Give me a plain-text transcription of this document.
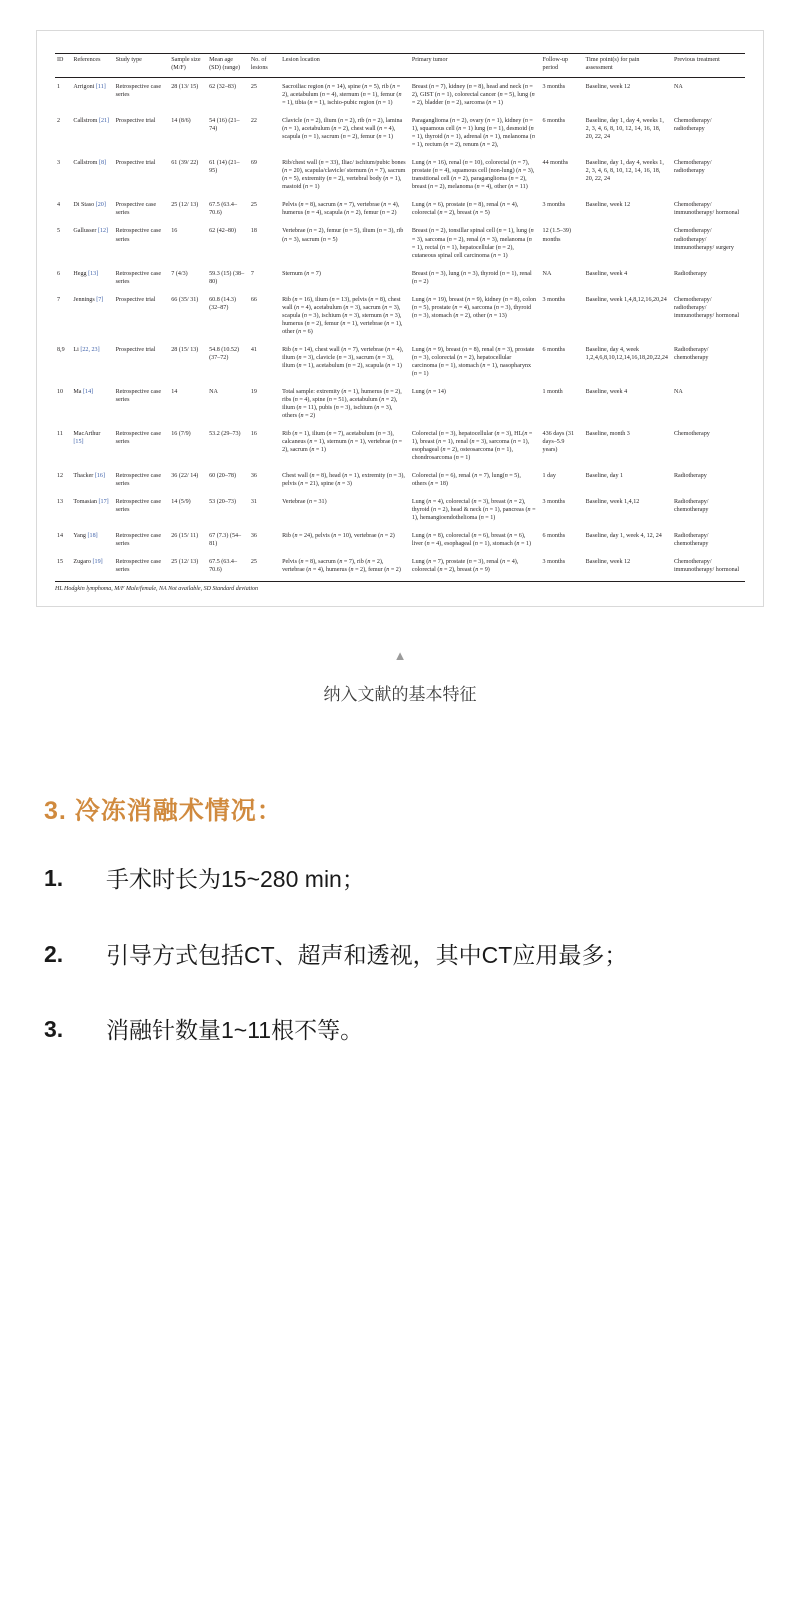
ID	References	Study type	Sample size (M/F)	Mean age (SD) (range)	No. of lesions	Lesion location	Primary tumor	Follow-up period	Time point(s) for pain assessment	Previous treatment
1	Arrigoni [11]	Retrospective case series	28 (13/ 15)	62 (32–83)	25	Sacroiliac region (n = 14), spine (n = 5), rib (n = 2), acetabulum (n = 4), sternum (n = 1), femur (n = 1), tibia (n = 1), ischio-pubic region (n = 1)	Breast (n = 7), kidney (n = 8), head and neck (n = 2), GIST (n = 1), colorectal cancer (n = 5), lung (n = 2), bladder (n = 2), sarcoma (n = 1)	3 months	Baseline, week 12	NA
2	Callstrom [21]	Prospective trial	14 (8/6)	54 (16) (21–74)	22	Clavicle (n = 2), ilium (n = 2), rib (n = 2), lamina (n = 1), acetabulum (n = 2), chest wall (n = 4), scapula (n = 1), sacrum (n = 2), femur (n = 1)	Paraganglioma (n = 2), ovary (n = 1), kidney (n = 1), squamous cell (n = 1) lung (n = 1), desmoid (n = 1), thyroid (n = 1), adrenal (n = 1), melanoma (n = 1), rectum (n = 2), renum (n = 2),	6 months	Baseline, day 1, day 4, weeks 1, 2, 3, 4, 6, 8, 10, 12, 14, 16, 18, 20, 22, 24	Chemotherapy/ radiotherapy
3	Callstrom [8]	Prospective trial	61 (39/ 22)	61 (14) (21–95)	69	Rib/chest wall (n = 33), Iliac/ ischium/pubic bones (n = 20), scapula/clavicle/ sternum (n = 7), sacrum (n = 5), extremity (n = 2), vertebral body (n = 1), mastoid (n = 1)	Lung (n = 16), renal (n = 10), colorectal (n = 7), prostate (n = 4), squamous cell (non-lung) (n = 3), transitional cell (n = 2), paraganglioma (n = 2), breast (n = 2), melanoma (n = 4), other (n = 11)	44 months	Baseline, day 1, day 4, weeks 1, 2, 3, 4, 6, 8, 10, 12, 14, 16, 18, 20, 22, 24	Chemotherapy/ radiotherapy
4	Di Staso [20]	Prospective case series	25 (12/ 13)	67.5 (63.4–70.6)	25	Pelvis (n = 8), sacrum (n = 7), vertebrae (n = 4), humerus (n = 4), scapula (n = 2), femur (n = 2)	Lung (n = 6), prostate (n = 8), renal (n = 4), colorectal (n = 2), breast (n = 5)	3 months	Baseline, week 12	Chemotherapy/ immunotherapy/ hormonal
5	Gallusser [12]	Retrospective case series	16	62 (42–80)	18	Vertebrae (n = 2), femur (n = 5), ilium (n = 3), rib (n = 3), sacrum (n = 5)	Breast (n = 2), tonsillar spinal cell (n = 1), lung (n = 3), sarcoma (n = 2), renal (n = 3), melanoma (n = 1), rectal (n = 1), hepatocellular (n = 2), cutaneous spinal cell carcinoma (n = 1)	12 (1.5–39) months		Chemotherapy/ radiotherapy/ immunotherapy/ surgery
6	Hegg [13]	Retrospective case series	7 (4/3)	59.3 (15) (38–80)	7	Sternum (n = 7)	Breast (n = 3), lung (n = 3), thyroid (n = 1), renal (n = 2)	NA	Baseline, week 4	Radiotherapy
7	Jennings [7]	Prospective trial	66 (35/ 31)	60.8 (14.3) (32–87)	66	Rib (n = 16), ilium (n = 13), pelvis (n = 8), chest wall (n = 4), acetabulum (n = 3), sacrum (n = 3), scapula (n = 3), ischium (n = 3), sternum (n = 3), humerus (n = 2), femur (n = 1), vertebrae (n = 1), other (n = 6)	Lung (n = 19), breast (n = 9), kidney (n = 8), colon (n = 5), prostate (n = 4), sarcoma (n = 3), thyroid (n = 3), stomach (n = 2), other (n = 13)	3 months	Baseline, week 1,4,8,12,16,20,24	Chemotherapy/ radiotherapy/ immunotherapy/ hormonal
8,9	Li [22, 23]	Prospective trial	28 (15/ 13)	54.8 (10.52) (37–72)	41	Rib (n = 14), chest wall (n = 7), vertebrae (n = 4), ilium (n = 3), clavicle (n = 3), sacrum (n = 3), ilium (n = 1), acetabulum (n = 2), scapula (n = 1)	Lung (n = 9), breast (n = 8), renal (n = 3), prostate (n = 3), colorectal (n = 2), hepatocellular carcinoma (n = 1), stomach (n = 1), nasopharynx (n = 1)	6 months	Baseline, day 4, week 1,2,4,6,8,10,12,14,16,18,20,22,24	Radiotherapy/ chemotherapy
10	Ma [14]	Retrospective case series	14	NA	19	Total sample: extremity (n = 1), humerus (n = 2), ribs (n = 4), spine (n = 51), acetabulum (n = 2), ilium (n = 11), pubis (n = 3), ischium (n = 3), others (n = 2)	Lung (n = 14)	1 month	Baseline, week 4	NA
11	MacArthur [15]	Retrospective case series	16 (7/9)	53.2 (29–73)	16	Rib (n = 1), ilium (n = 7), acetabulum (n = 3), calcaneus (n = 1), sternum (n = 1), vertebrae (n = 2), sacrum (n = 1)	Colorectal (n = 3), hepatocellular (n = 3), HL(n = 1), breast (n = 1), renal (n = 3), sarcoma (n = 1), esophageal (n = 2), osteosarcoma (n = 1), chondrosarcoma (n = 1)	436 days (31 days–5.9 years)	Baseline, month 3	Chemotherapy
12	Thacker [16]	Retrospective case series	36 (22/ 14)	60 (20–78)	36	Chest wall (n = 8), head (n = 1), extremity (n = 3), pelvis (n = 21), spine (n = 3)	Colorectal (n = 6), renal (n = 7), lung(n = 5), others (n = 18)	1 day	Baseline, day 1	Radiotherapy
13	Tomasian [17]	Retrospective case series	14 (5/9)	53 (20–73)	31	Vertebrae (n = 31)	Lung (n = 4), colorectal (n = 3), breast (n = 2), thyroid (n = 2), head & neck (n = 1), pancreas (n = 1), hemangioendothelioma (n = 1)	3 months	Baseline, week 1,4,12	Radiotherapy/ chemotherapy
14	Yang [18]	Retrospective case series	26 (15/ 11)	67 (7.3) (54–81)	36	Rib (n = 24), pelvis (n = 10), vertebrae (n = 2)	Lung (n = 8), colorectal (n = 6), breast (n = 6), liver (n = 4), esophageal (n = 1), stomach (n = 1)	6 months	Baseline, day 1, week 4, 12, 24	Radiotherapy/ chemotherapy
15	Zugaro [19]	Retrospective case series	25 (12/ 13)	67.5 (63.4–70.6)	25	Pelvis (n = 8), sacrum (n = 7), rib (n = 2), vertebrae (n = 4), humerus (n = 2), femur (n = 2)	Lung (n = 7), prostate (n = 3), renal (n = 4), colorectal (n = 2), breast (n = 9)	3 months	Baseline, week 12	Chemotherapy/ immunotherapy/ hormonal
HL Hodgkin lymphoma, M/F Male/female, NA Not available, SD Standard deviation
▲
纳入文献的基本特征
3. 冷冻消融术情况：
1.	手术时长为15~280 min；
2.	引导方式包括CT、超声和透视，其中CT应用最多；
3.	消融针数量1~11根不等。
